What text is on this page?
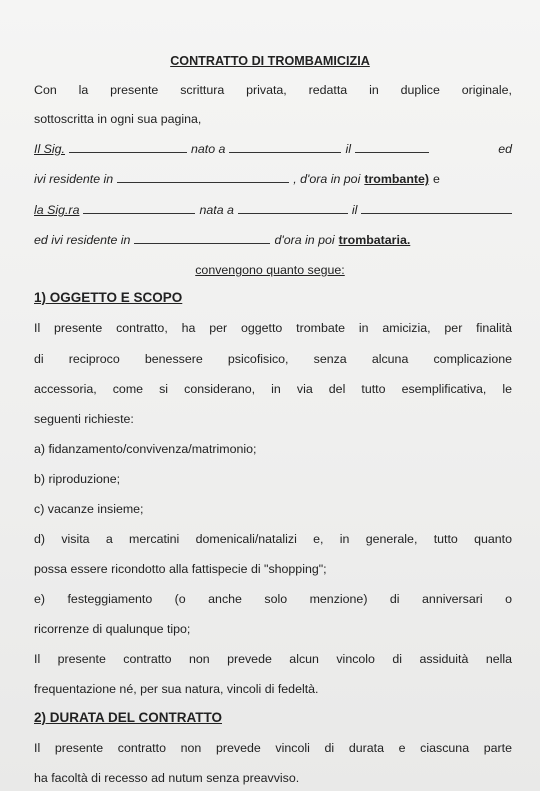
CONTRATTO DI TROMBAMICIZIA
Con la presente scrittura privata, redatta in duplice originale,
sottoscritta in ogni sua pagina,
Il Sig.	nato a	il	ed
ivi residente in	, d'ora in poi trombante) e
la Sig.ra	nata a	il
ed ivi residente in	d'ora in poi trombataria.
convengono quanto segue:
1) OGGETTO E SCOPO
Il presente contratto, ha per oggetto trombate in amicizia, per finalità
di reciproco benessere psicofisico, senza alcuna complicazione
accessoria, come si considerano, in via del tutto esemplificativa, le
seguenti richieste:
a) fidanzamento/convivenza/matrimonio;
b) riproduzione;
c) vacanze insieme;
d) visita a mercatini domenicali/natalizi e, in generale, tutto quanto
possa essere ricondotto alla fattispecie di "shopping";
e) festeggiamento (o anche solo menzione) di anniversari o
ricorrenze di qualunque tipo;
Il presente contratto non prevede alcun vincolo di assiduità nella
frequentazione né, per sua natura, vincoli di fedeltà.
2) DURATA DEL CONTRATTO
Il presente contratto non prevede vincoli di durata e ciascuna parte
ha facoltà di recesso ad nutum senza preavviso.
